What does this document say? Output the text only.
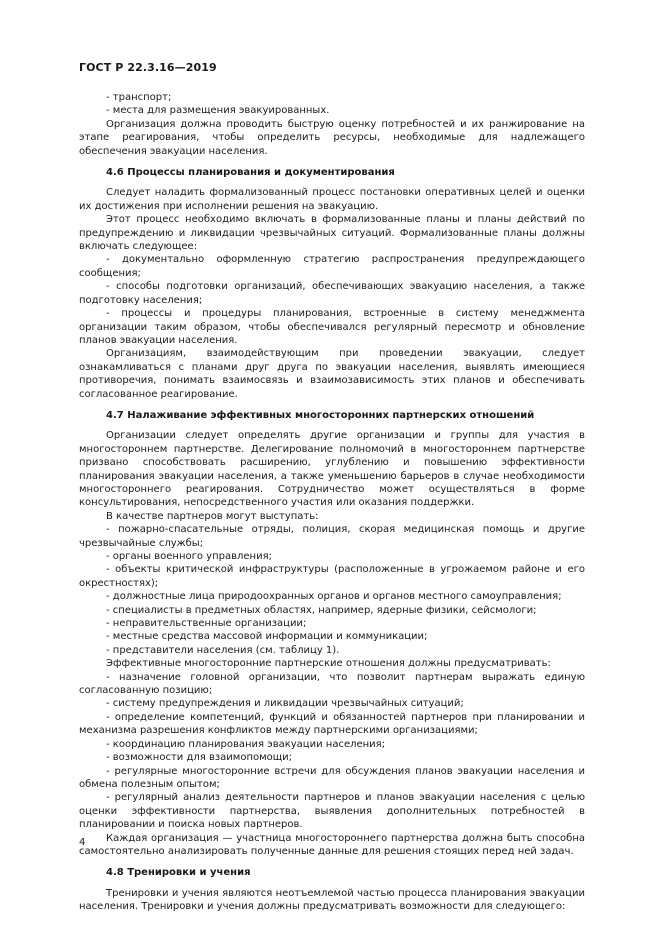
ГОСТ Р 22.3.16—2019

- транспорт;

- места для размещения эвакуированных.

Организация должна проводить быструю оценку потребностей и их ранжирование на этапе реагирования, чтобы определить ресурсы, необходимые для надлежащего обеспечения эвакуации населения.

4.6 Процессы планирования и документирования

Следует наладить формализованный процесс постановки оперативных целей и оценки их достижения при исполнении решения на эвакуацию.

Этот процесс необходимо включать в формализованные планы и планы действий по предупреждению и ликвидации чрезвычайных ситуаций. Формализованные планы должны включать следующее:

- документально оформленную стратегию распространения предупреждающего сообщения;

- способы подготовки организаций, обеспечивающих эвакуацию населения, а также подготовку населения;

- процессы и процедуры планирования, встроенные в систему менеджмента организации таким образом, чтобы обеспечивался регулярный пересмотр и обновление планов эвакуации населения.

Организациям, взаимодействующим при проведении эвакуации, следует ознакамливаться с планами друг друга по эвакуации населения, выявлять имеющиеся противоречия, понимать взаимосвязь и взаимозависимость этих планов и обеспечивать согласованное реагирование.

4.7 Налаживание эффективных многосторонних партнерских отношений

Организации следует определять другие организации и группы для участия в многостороннем партнерстве. Делегирование полномочий в многостороннем партнерстве призвано способствовать расширению, углублению и повышению эффективности планирования эвакуации населения, а также уменьшению барьеров в случае необходимости многостороннего реагирования. Сотрудничество может осуществляться в форме консультирования, непосредственного участия или оказания поддержки.

В качестве партнеров могут выступать:

- пожарно-спасательные отряды, полиция, скорая медицинская помощь и другие чрезвычайные службы;

- органы военного управления;

- объекты критической инфраструктуры (расположенные в угрожаемом районе и его окрестностях);

- должностные лица природоохранных органов и органов местного самоуправления;

- специалисты в предметных областях, например, ядерные физики, сейсмологи;

- неправительственные организации;

- местные средства массовой информации и коммуникации;

- представители населения (см. таблицу 1).

Эффективные многосторонние партнерские отношения должны предусматривать:

- назначение головной организации, что позволит партнерам выражать единую согласованную позицию;

- систему предупреждения и ликвидации чрезвычайных ситуаций;

- определение компетенций, функций и обязанностей партнеров при планировании и механизма разрешения конфликтов между партнерскими организациями;

- координацию планирования эвакуации населения;

- возможности для взаимопомощи;

- регулярные многосторонние встречи для обсуждения планов эвакуации населения и обмена полезным опытом;

- регулярный анализ деятельности партнеров и планов эвакуации населения с целью оценки эффективности партнерства, выявления дополнительных потребностей в планировании и поиска новых партнеров.

Каждая организация — участница многостороннего партнерства должна быть способна самостоятельно анализировать полученные данные для решения стоящих перед ней задач.

4.8 Тренировки и учения

Тренировки и учения являются неотъемлемой частью процесса планирования эвакуации населения. Тренировки и учения должны предусматривать возможности для следующего:

4
